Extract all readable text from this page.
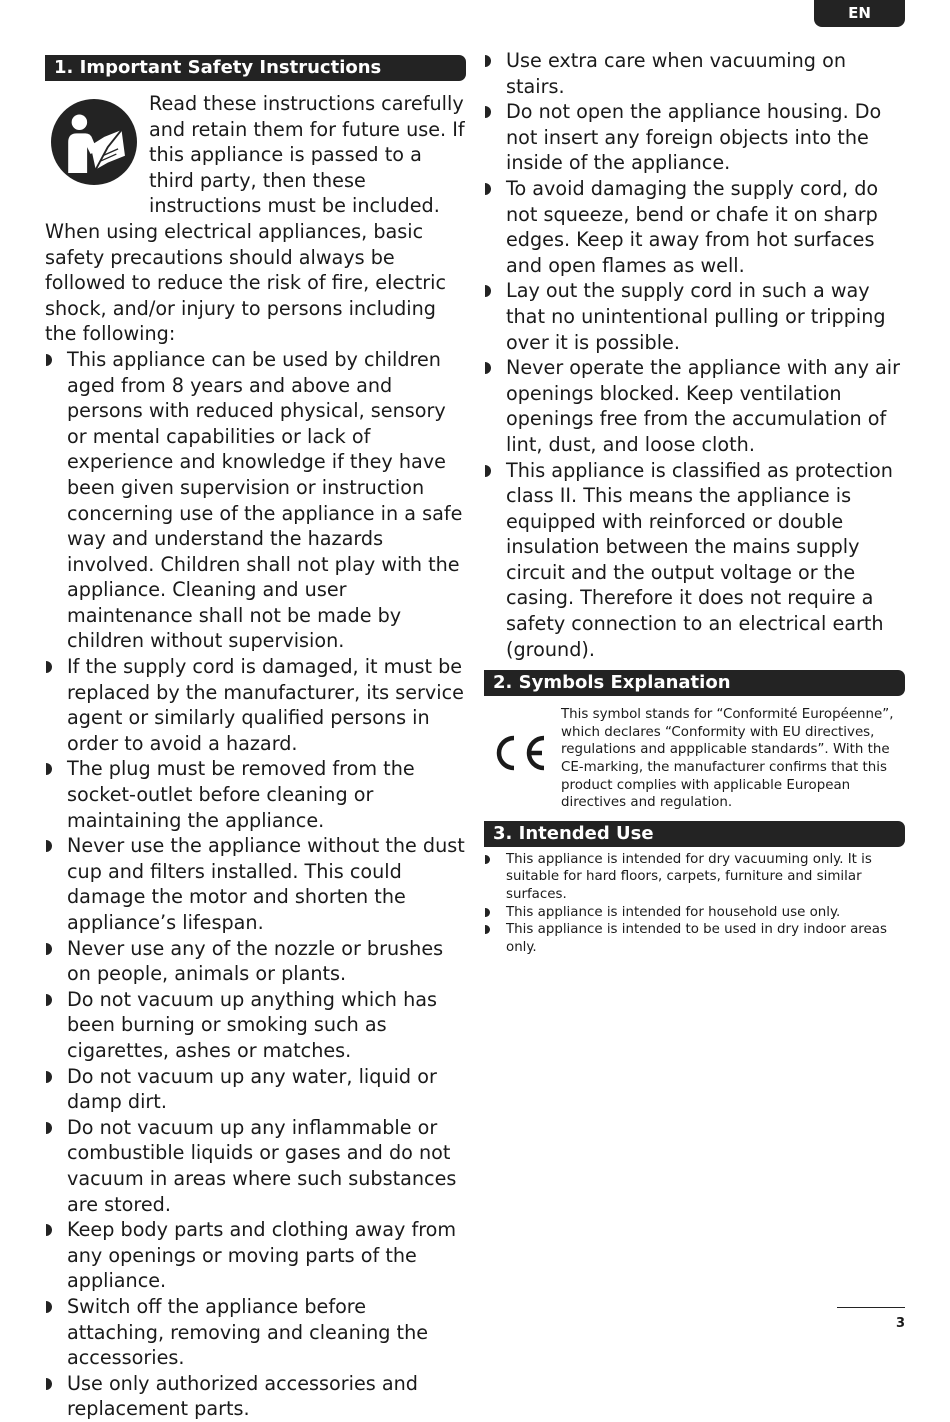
EN
1. Important Safety Instructions
Read these instructions carefully and retain them for future use. If this appliance is passed to a third party, then these instructions must be included.
When using electrical appliances, basic safety precautions should always be followed to reduce the risk of fire, electric shock, and/or injury to persons including the following:
This appliance can be used by children aged from 8 years and above and persons with reduced physical, sensory or mental capabilities or lack of experience and knowledge if they have been given supervision or instruction concerning use of the appliance in a safe way and understand the hazards involved. Children shall not play with the appliance. Cleaning and user maintenance shall not be made by children without supervision.
If the supply cord is damaged, it must be replaced by the manufacturer, its service agent or similarly qualified persons in order to avoid a hazard.
The plug must be removed from the socket-outlet before cleaning or maintaining the appliance.
Never use the appliance without the dust cup and filters installed. This could damage the motor and shorten the appliance’s lifespan.
Never use any of the nozzle or brushes on people, animals or plants.
Do not vacuum up anything which has been burning or smoking such as cigarettes, ashes or matches.
Do not vacuum up any water, liquid or damp dirt.
Do not vacuum up any inflammable or combustible liquids or gases and do not vacuum in areas where such substances are stored.
Keep body parts and clothing away from any openings or moving parts of the appliance.
Switch off the appliance before attaching, removing and cleaning the accessories.
Use only authorized accessories and replacement parts.
Use extra care when vacuuming on stairs.
Do not open the appliance housing. Do not insert any foreign objects into the inside of the appliance.
To avoid damaging the supply cord, do not squeeze, bend or chafe it on sharp edges. Keep it away from hot surfaces and open flames as well.
Lay out the supply cord in such a way that no unintentional pulling or tripping over it is possible.
Never operate the appliance with any air openings blocked. Keep ventilation openings free from the accumulation of lint, dust, and loose cloth.
This appliance is classified as protection class II. This means the appliance is equipped with reinforced or double insulation between the mains supply circuit and the output voltage or the casing. Therefore it does not require a safety connection to an electrical earth (ground).
2. Symbols Explanation
This symbol stands for “Conformité Européenne”, which declares “Conformity with EU directives, regulations and appplicable standards”. With the CE-marking, the manufacturer confirms that this product complies with applicable European directives and regulation.
3. Intended Use
This appliance is intended for dry vacuuming only. It is suitable for hard floors, carpets, furniture and similar surfaces.
This appliance is intended for household use only.
This appliance is intended to be used in dry indoor areas only.
3
